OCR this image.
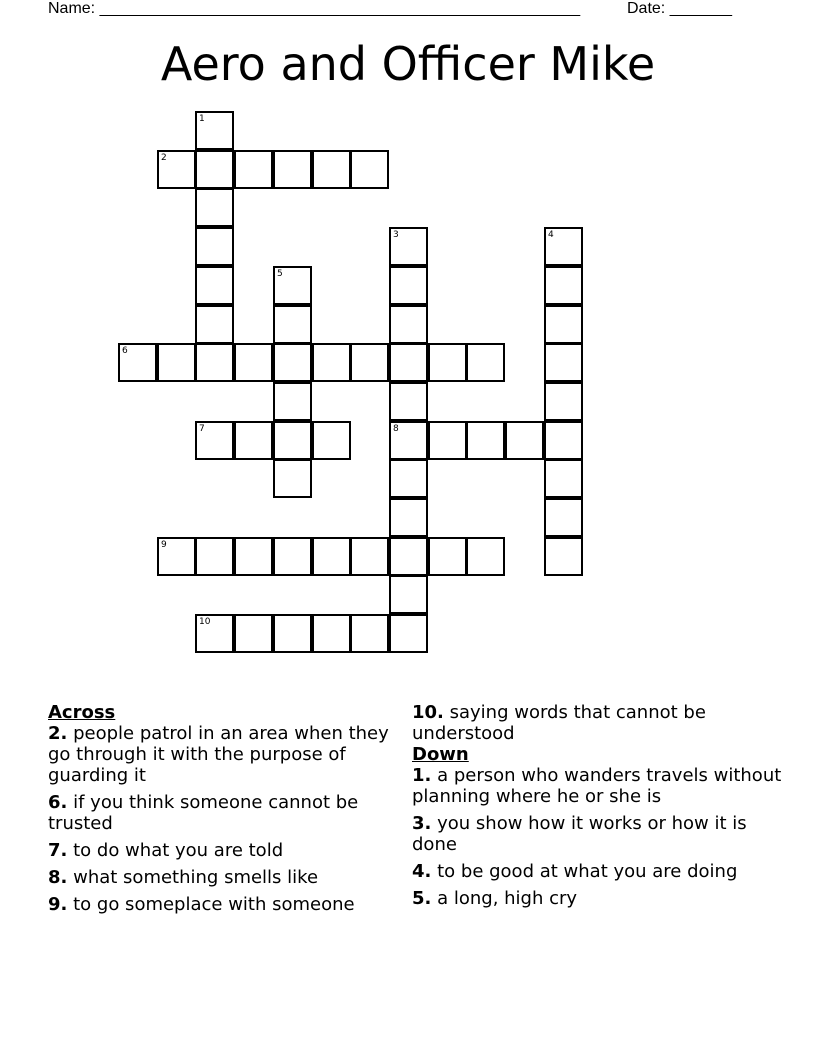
Name: ______________________________________________________	Date: _______
Aero and Officer Mike
1
2
3
8
4
5
6
7
9
10
Across
2. people patrol in an area when they go through it with the purpose of guarding it
6. if you think someone cannot be trusted
7. to do what you are told
8. what something smells like
9. to go someplace with someone
10. saying words that cannot be understood
Down
1. a person who wanders travels without planning where he or she is
3. you show how it works or how it is done
4. to be good at what you are doing
5. a long, high cry
